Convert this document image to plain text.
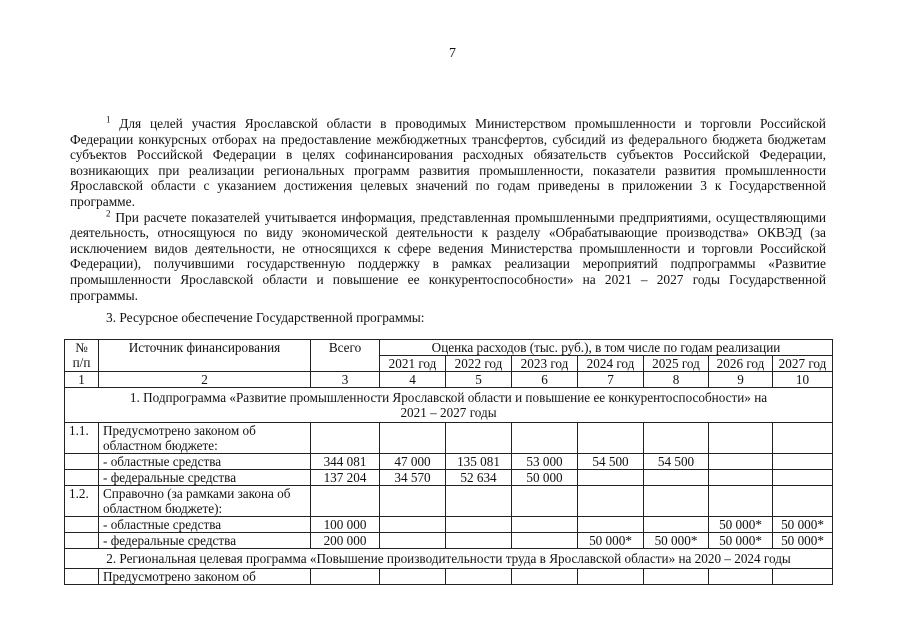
7

$^1$ Для целей участия Ярославской области в проводимых Министерством промышленности и торговли Российской Федерации конкурсных отборах на предоставление межбюджетных трансфертов, субсидий из федерального бюджета бюджетам субъектов Российской Федерации в целях софинансирования расходных обязательств субъектов Российской Федерации, возникающих при реализации региональных программ развития промышленности, показатели развития промышленности Ярославской области с указанием достижения целевых значений по годам приведены в приложении 3 к Государственной программе.

$^2$ При расчете показателей учитывается информация, представленная промышленными предприятиями, осуществляющими деятельность, относящуюся по виду экономической деятельности к разделу «Обрабатывающие производства» ОКВЭД (за исключением видов деятельности, не относящихся к сфере ведения Министерства промышленности и торговли Российской Федерации), получившими государственную поддержку в рамках реализации мероприятий подпрограммы «Развитие промышленности Ярославской области и повышение ее конкурентоспособности» на 2021 – 2027 годы Государственной программы.

3. Ресурсное обеспечение Государственной программы:
№ п/п	Источник финансирования	Всего	Оценка расходов (тыс. руб.), в том числе по годам реализации						
			2021 год	2022 год	2023 год	2024 год	2025 год	2026 год	2027 год
1	2	3	4	5	6	7	8	9	10
1. Подпрограмма «Развитие промышленности Ярославской области и повышение ее конкурентоспособности» на 2021 – 2027 годы									
1.1.	Предусмотрено законом об областном бюджете:								
	- областные средства	344 081	47 000	135 081	53 000	54 500	54 500		
	- федеральные средства	137 204	34 570	52 634	50 000				
1.2.	Справочно (за рамками закона об областном бюджете):								
	- областные средства	100 000						50 000*	50 000*
	- федеральные средства	200 000				50 000*	50 000*	50 000*	50 000*
2. Региональная целевая программа «Повышение производительности труда в Ярославской области» на 2020 – 2024 годы									
	Предусмотрено законом об								
